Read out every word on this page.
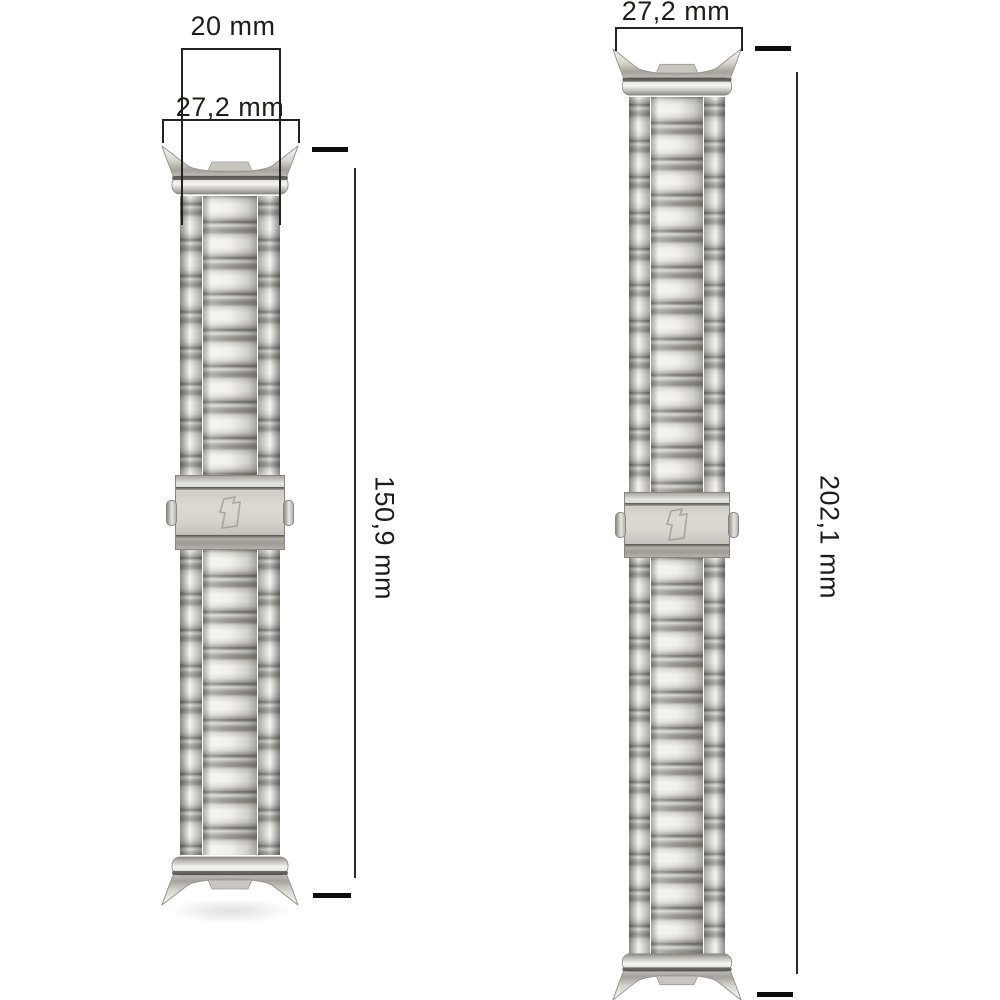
20 mm
27,2 mm
150,9 mm
27,2 mm
202,1 mm
